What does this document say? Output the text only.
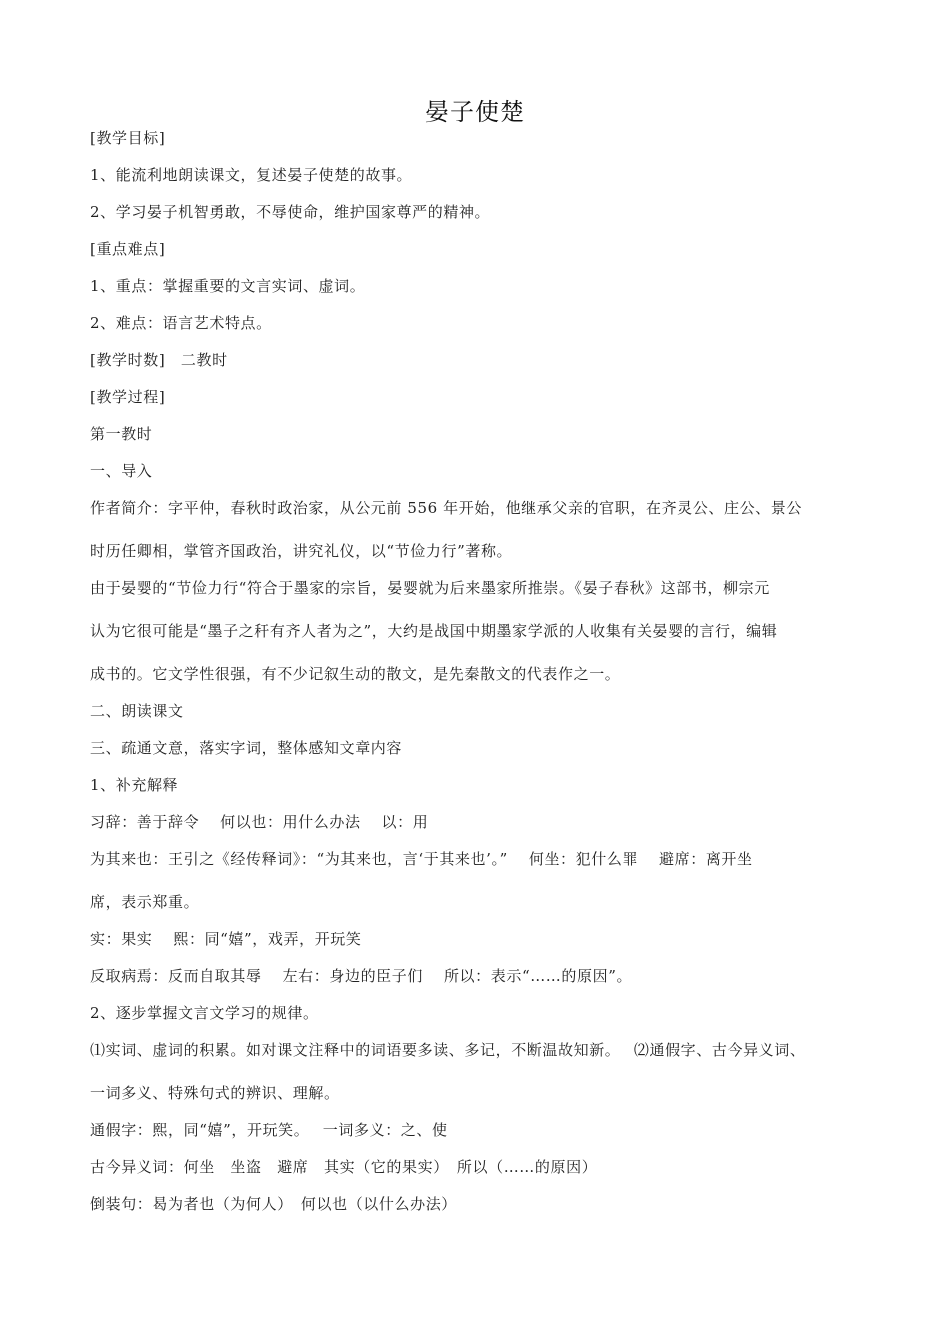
晏子使楚
[教学目标]
1、能流利地朗读课文，复述晏子使楚的故事。
2、学习晏子机智勇敢，不辱使命，维护国家尊严的精神。
[重点难点]
1、重点：掌握重要的文言实词、虚词。
2、难点：语言艺术特点。
[教学时数]　二教时
[教学过程]
第一教时
一、导入
作者简介：字平仲，春秋时政治家，从公元前 556 年开始，他继承父亲的官职，在齐灵公、庄公、景公
时历任卿相，掌管齐国政治，讲究礼仪，以“节俭力行”著称。
由于晏婴的“节俭力行“符合于墨家的宗旨，晏婴就为后来墨家所推崇。《晏子春秋》这部书，柳宗元
认为它很可能是“墨子之秆有齐人者为之”，大约是战国中期墨家学派的人收集有关晏婴的言行，编辑
成书的。它文学性很强，有不少记叙生动的散文，是先秦散文的代表作之一。
二、朗读课文
三、疏通文意，落实字词，整体感知文章内容
1、补充解释
习辞：善于辞令　 何以也：用什么办法　 以：用
为其来也：王引之《经传释词》：“为其来也，言‘于其来也’。”　 何坐：犯什么罪　 避席：离开坐
席，表示郑重。
实：果实　 熙：同“嬉”，戏弄，开玩笑
反取病焉：反而自取其辱　 左右：身边的臣子们　 所以：表示“……的原因”。
2、逐步掌握文言文学习的规律。
⑴实词、虚词的积累。如对课文注释中的词语要多读、多记，不断温故知新。　 ⑵通假字、古今异义词、
一词多义、特殊句式的辨识、理解。
通假字：熙，同“嬉”，开玩笑。　 一词多义：之、使
古今异义词：何坐　坐盗　避席　其实（它的果实）　所以（……的原因）
倒装句：曷为者也（为何人）　何以也（以什么办法）
